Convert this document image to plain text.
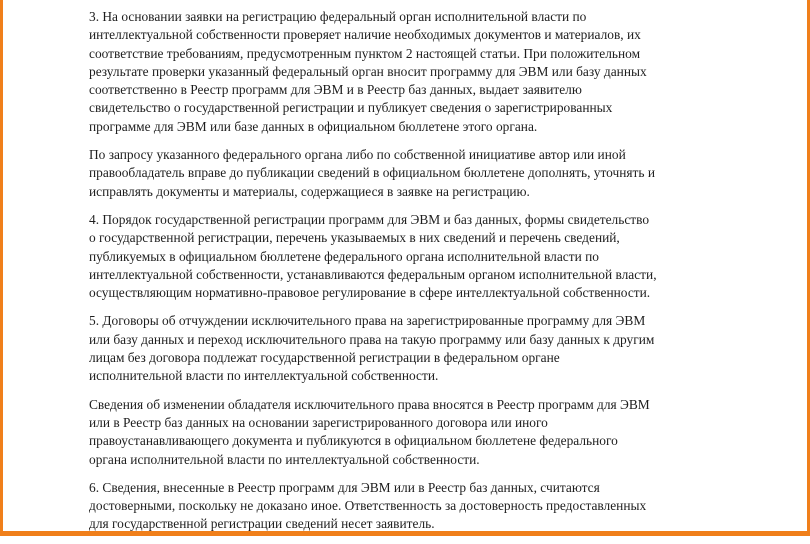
3. На основании заявки на регистрацию федеральный орган исполнительной власти по
интеллектуальной собственности проверяет наличие необходимых документов и материалов, их
соответствие требованиям, предусмотренным пунктом 2 настоящей статьи. При положительном
результате проверки указанный федеральный орган вносит программу для ЭВМ или базу данных
соответственно в Реестр программ для ЭВМ и в Реестр баз данных, выдает заявителю
свидетельство о государственной регистрации и публикует сведения о зарегистрированных
программе для ЭВМ или базе данных в официальном бюллетене этого органа.

По запросу указанного федерального органа либо по собственной инициативе автор или иной
правообладатель вправе до публикации сведений в официальном бюллетене дополнять, уточнять и
исправлять документы и материалы, содержащиеся в заявке на регистрацию.

4. Порядок государственной регистрации программ для ЭВМ и баз данных, формы свидетельство
о государственной регистрации, перечень указываемых в них сведений и перечень сведений,
публикуемых в официальном бюллетене федерального органа исполнительной власти по
интеллектуальной собственности, устанавливаются федеральным органом исполнительной власти,
осуществляющим нормативно-правовое регулирование в сфере интеллектуальной собственности.

5. Договоры об отчуждении исключительного права на зарегистрированные программу для ЭВМ
или базу данных и переход исключительного права на такую программу или базу данных к другим
лицам без договора подлежат государственной регистрации в федеральном органе
исполнительной власти по интеллектуальной собственности.

Сведения об изменении обладателя исключительного права вносятся в Реестр программ для ЭВМ
или в Реестр баз данных на основании зарегистрированного договора или иного
правоустанавливающего документа и публикуются в официальном бюллетене федерального
органа исполнительной власти по интеллектуальной собственности.

6. Сведения, внесенные в Реестр программ для ЭВМ или в Реестр баз данных, считаются
достоверными, поскольку не доказано иное. Ответственность за достоверность предоставленных
для государственной регистрации сведений несет заявитель.
